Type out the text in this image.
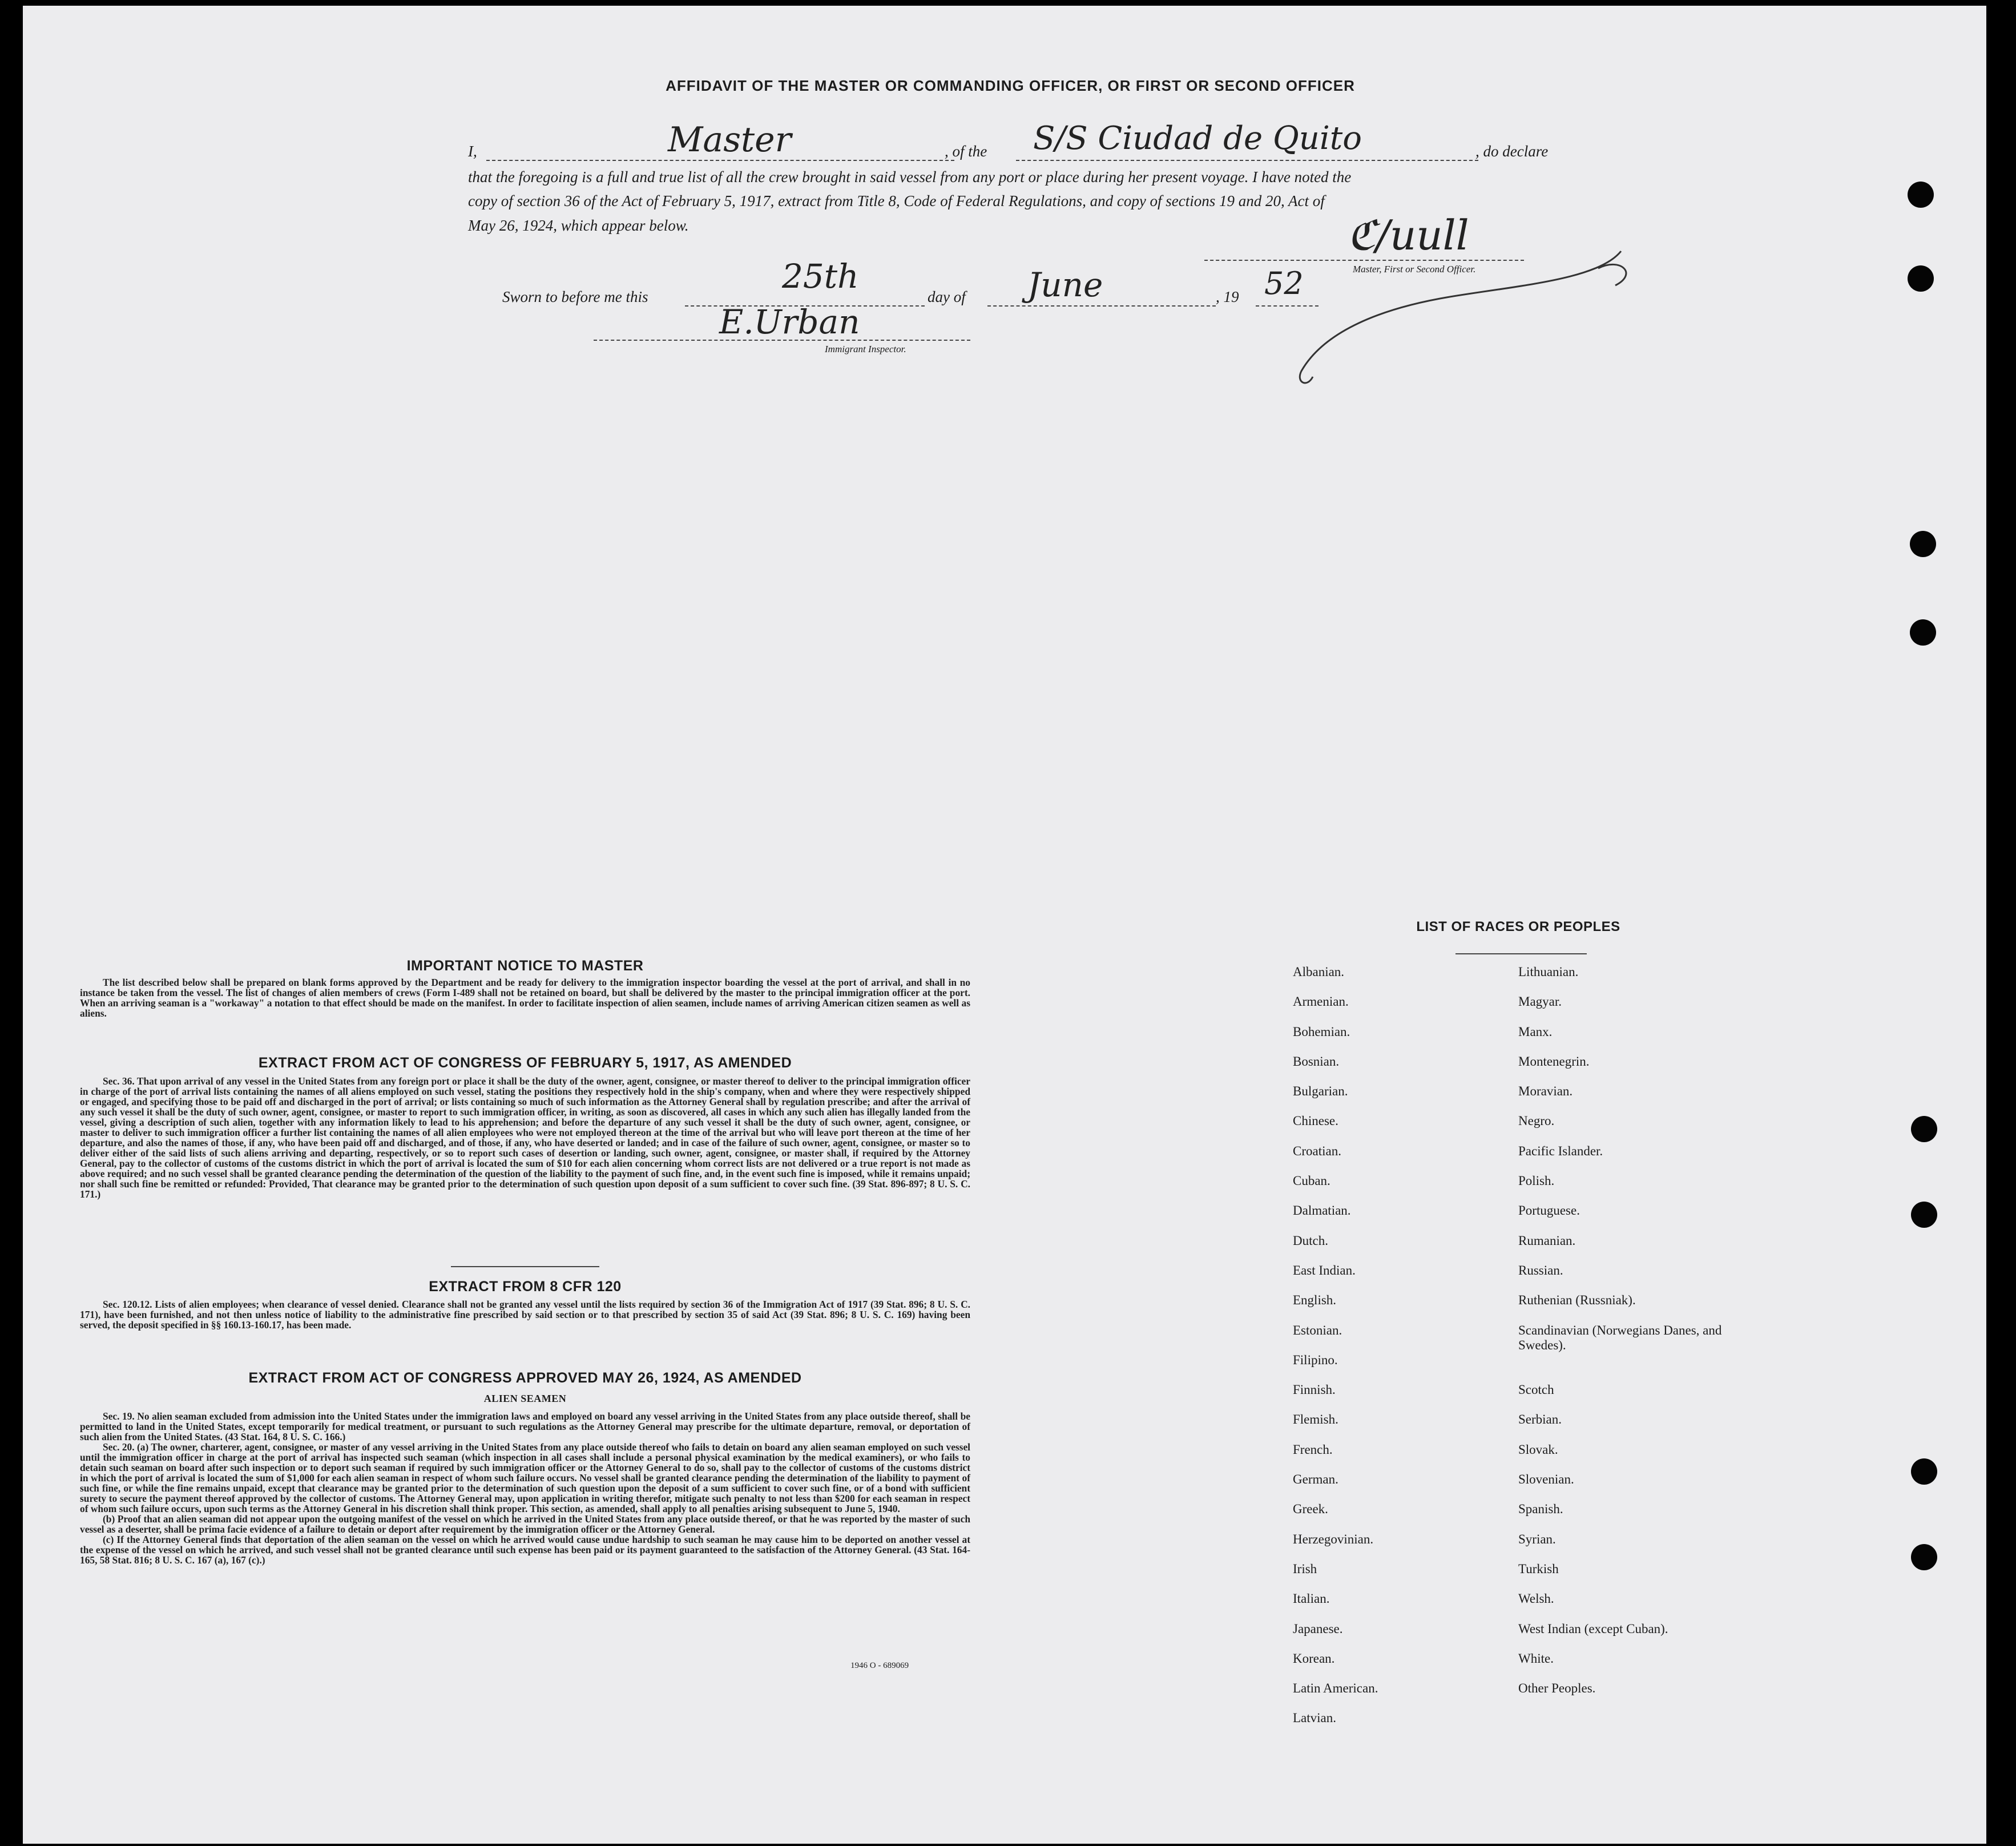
AFFIDAVIT OF THE MASTER OR COMMANDING OFFICER, OR FIRST OR SECOND OFFICER
I,	Master	, of the S/S Ciudad de Quito	, do declare
that the foregoing is a full and true list of all the crew brought in said vessel from any port or place during her present voyage. I have noted the
copy of section 36 of the Act of February 5, 1917, extract from Title 8, Code of Federal Regulations, and copy of sections 19 and 20, Act of
May 26, 1924, which appear below.	ℭ/uull
Master, First or Second Officer.
Sworn to before me this
25th
day of June	, 19 52
E.Urban
Immigrant Inspector.
IMPORTANT NOTICE TO MASTER
The list described below shall be prepared on blank forms approved by the Department and be ready for delivery to the immigration inspector boarding the vessel at the port of arrival, and shall in no instance be taken from the vessel. The list of changes of alien members of crews (Form I-489 shall not be retained on board, but shall be delivered by the master to the principal immigration officer at the port. When an arriving seaman is a "workaway" a notation to that effect should be made on the manifest. In order to facilitate inspection of alien seamen, include names of arriving American citizen seamen as well as aliens.
EXTRACT FROM ACT OF CONGRESS OF FEBRUARY 5, 1917, AS AMENDED
Sec. 36. That upon arrival of any vessel in the United States from any foreign port or place it shall be the duty of the owner, agent, consignee, or master thereof to deliver to the principal immigration officer in charge of the port of arrival lists containing the names of all aliens employed on such vessel, stating the positions they respectively hold in the ship's company, when and where they were respectively shipped or engaged, and specifying those to be paid off and discharged in the port of arrival; or lists containing so much of such information as the Attorney General shall by regulation prescribe; and after the arrival of any such vessel it shall be the duty of such owner, agent, consignee, or master to report to such immigration officer, in writing, as soon as discovered, all cases in which any such alien has illegally landed from the vessel, giving a description of such alien, together with any information likely to lead to his apprehension; and before the departure of any such vessel it shall be the duty of such owner, agent, consignee, or master to deliver to such immigration officer a further list containing the names of all alien employees who were not employed thereon at the time of the arrival but who will leave port thereon at the time of her departure, and also the names of those, if any, who have been paid off and discharged, and of those, if any, who have deserted or landed; and in case of the failure of such owner, agent, consignee, or master so to deliver either of the said lists of such aliens arriving and departing, respectively, or so to report such cases of desertion or landing, such owner, agent, consignee, or master shall, if required by the Attorney General, pay to the collector of customs of the customs district in which the port of arrival is located the sum of $10 for each alien concerning whom correct lists are not delivered or a true report is not made as above required; and no such vessel shall be granted clearance pending the determination of the question of the liability to the payment of such fine, and, in the event such fine is imposed, while it remains unpaid; nor shall such fine be remitted or refunded: Provided, That clearance may be granted prior to the determination of such question upon deposit of a sum sufficient to cover such fine. (39 Stat. 896-897; 8 U. S. C. 171.)
EXTRACT FROM 8 CFR 120
Sec. 120.12. Lists of alien employees; when clearance of vessel denied. Clearance shall not be granted any vessel until the lists required by section 36 of the Immigration Act of 1917 (39 Stat. 896; 8 U. S. C. 171), have been furnished, and not then unless notice of liability to the administrative fine prescribed by said section or to that prescribed by section 35 of said Act (39 Stat. 896; 8 U. S. C. 169) having been served, the deposit specified in §§ 160.13-160.17, has been made.
EXTRACT FROM ACT OF CONGRESS APPROVED MAY 26, 1924, AS AMENDED
ALIEN SEAMEN
Sec. 19. No alien seaman excluded from admission into the United States under the immigration laws and employed on board any vessel arriving in the United States from any place outside thereof, shall be permitted to land in the United States, except temporarily for medical treatment, or pursuant to such regulations as the Attorney General may prescribe for the ultimate departure, removal, or deportation of such alien from the United States. (43 Stat. 164, 8 U. S. C. 166.)
Sec. 20. (a) The owner, charterer, agent, consignee, or master of any vessel arriving in the United States from any place outside thereof who fails to detain on board any alien seaman employed on such vessel until the immigration officer in charge at the port of arrival has inspected such seaman (which inspection in all cases shall include a personal physical examination by the medical examiners), or who fails to detain such seaman on board after such inspection or to deport such seaman if required by such immigration officer or the Attorney General to do so, shall pay to the collector of customs of the customs district in which the port of arrival is located the sum of $1,000 for each alien seaman in respect of whom such failure occurs. No vessel shall be granted clearance pending the determination of the liability to payment of such fine, or while the fine remains unpaid, except that clearance may be granted prior to the determination of such question upon the deposit of a sum sufficient to cover such fine, or of a bond with sufficient surety to secure the payment thereof approved by the collector of customs. The Attorney General may, upon application in writing therefor, mitigate such penalty to not less than $200 for each seaman in respect of whom such failure occurs, upon such terms as the Attorney General in his discretion shall think proper. This section, as amended, shall apply to all penalties arising subsequent to June 5, 1940.
(b) Proof that an alien seaman did not appear upon the outgoing manifest of the vessel on which he arrived in the United States from any place outside thereof, or that he was reported by the master of such vessel as a deserter, shall be prima facie evidence of a failure to detain or deport after requirement by the immigration officer or the Attorney General.
(c) If the Attorney General finds that deportation of the alien seaman on the vessel on which he arrived would cause undue hardship to such seaman he may cause him to be deported on another vessel at the expense of the vessel on which he arrived, and such vessel shall not be granted clearance until such expense has been paid or its payment guaranteed to the satisfaction of the Attorney General. (43 Stat. 164-165, 58 Stat. 816; 8 U. S. C. 167 (a), 167 (c).)
1946 O - 689069
LIST OF RACES OR PEOPLES
Albanian.
Armenian.
Bohemian.
Bosnian.
Bulgarian.
Chinese.
Croatian.
Cuban.
Dalmatian.
Dutch.
East Indian.
English.
Estonian.
Filipino.
Finnish.
Flemish.
French.
German.
Greek.
Herzegovinian.
Irish
Italian.
Japanese.
Korean.
Latin American.
Latvian.
Lithuanian.
Magyar.
Manx.
Montenegrin.
Moravian.
Negro.
Pacific Islander.
Polish.
Portuguese.
Rumanian.
Russian.
Ruthenian (Russniak).
Scandinavian (Norwegians Danes, and Swedes).
Scotch
Serbian.
Slovak.
Slovenian.
Spanish.
Syrian.
Turkish
Welsh.
West Indian (except Cuban).
White.
Other Peoples.
